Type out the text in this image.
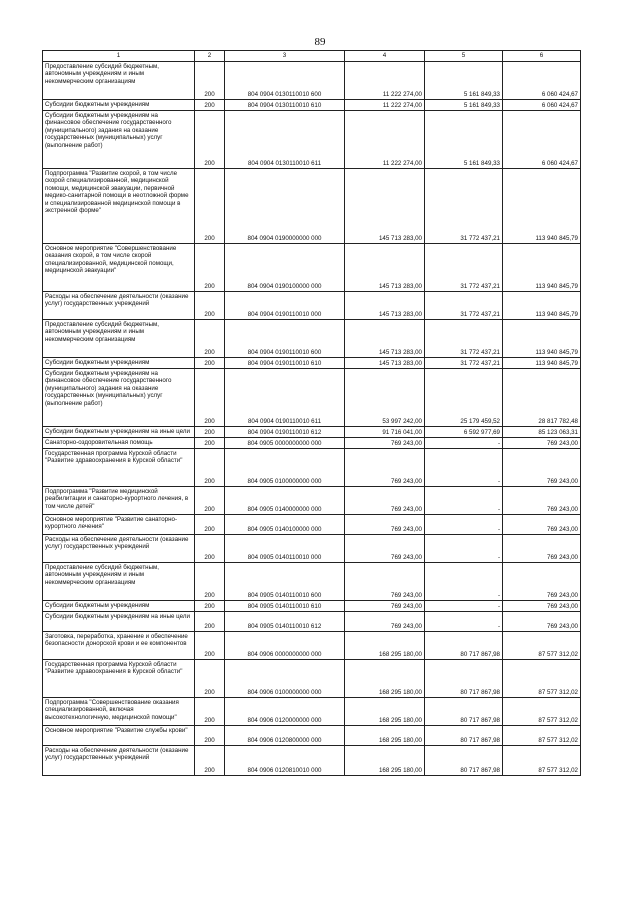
89
1	2	3	4	5	6
Предоставление субсидий бюджетным, автономным учреждениям и иным некоммерческим организациям	200	804 0904 0130110010 600	11 222 274,00	5 161 849,33	6 060 424,67
Субсидии бюджетным учреждениям	200	804 0904 0130110010 610	11 222 274,00	5 161 849,33	6 060 424,67
Субсидии бюджетным учреждениям на финансовое обеспечение государственного (муниципального) задания на оказание государственных (муниципальных) услуг (выполнение работ)	200	804 0904 0130110010 611	11 222 274,00	5 161 849,33	6 060 424,67
Подпрограмма "Развитие скорой, в том числе скорой специализированной, медицинской помощи, медицинской эвакуации, первичной медико-санитарной помощи в неотложной форме и специализированной медицинской помощи в экстренной форме"	200	804 0904 0190000000 000	145 713 283,00	31 772 437,21	113 940 845,79
Основное мероприятие "Совершенствование оказания скорой, в том числе скорой специализированной, медицинской помощи, медицинской эвакуации"	200	804 0904 0190100000 000	145 713 283,00	31 772 437,21	113 940 845,79
Расходы на обеспечение деятельности (оказание услуг) государственных учреждений	200	804 0904 0190110010 000	145 713 283,00	31 772 437,21	113 940 845,79
Предоставление субсидий бюджетным, автономным учреждениям и иным некоммерческим организациям	200	804 0904 0190110010 600	145 713 283,00	31 772 437,21	113 940 845,79
Субсидии бюджетным учреждениям	200	804 0904 0190110010 610	145 713 283,00	31 772 437,21	113 940 845,79
Субсидии бюджетным учреждениям на финансовое обеспечение государственного (муниципального) задания на оказание государственных (муниципальных) услуг (выполнение работ)	200	804 0904 0190110010 611	53 997 242,00	25 179 459,52	28 817 782,48
Субсидии бюджетным учреждениям на иные цели	200	804 0904 0190110010 612	91 716 041,00	6 592 977,69	85 123 063,31
Санаторно-оздоровительная помощь	200	804 0905 0000000000 000	769 243,00	-	769 243,00
Государственная программа Курской области "Развитие здравоохранения в Курской области"	200	804 0905 0100000000 000	769 243,00	-	769 243,00
Подпрограмма "Развитие медицинской реабилитации и санаторно-курортного лечения, в том числе детей"	200	804 0905 0140000000 000	769 243,00	-	769 243,00
Основное мероприятие "Развитие санаторно-курортного лечения"	200	804 0905 0140100000 000	769 243,00	-	769 243,00
Расходы на обеспечение деятельности (оказание услуг) государственных учреждений	200	804 0905 0140110010 000	769 243,00	-	769 243,00
Предоставление субсидий бюджетным, автономным учреждениям и иным некоммерческим организациям	200	804 0905 0140110010 600	769 243,00	-	769 243,00
Субсидии бюджетным учреждениям	200	804 0905 0140110010 610	769 243,00	-	769 243,00
Субсидии бюджетным учреждениям на иные цели	200	804 0905 0140110010 612	769 243,00	-	769 243,00
Заготовка, переработка, хранение и обеспечение безопасности донорской крови и ее компонентов	200	804 0906 0000000000 000	168 295 180,00	80 717 867,98	87 577 312,02
Государственная программа Курской области "Развитие здравоохранения в Курской области"	200	804 0906 0100000000 000	168 295 180,00	80 717 867,98	87 577 312,02
Подпрограмма "Совершенствование оказания специализированной, включая высокотехнологичную, медицинской помощи"	200	804 0906 0120000000 000	168 295 180,00	80 717 867,98	87 577 312,02
Основное мероприятие "Развитие службы крови"	200	804 0906 0120800000 000	168 295 180,00	80 717 867,98	87 577 312,02
Расходы на обеспечение деятельности (оказание услуг) государственных учреждений	200	804 0906 0120810010 000	168 295 180,00	80 717 867,98	87 577 312,02
